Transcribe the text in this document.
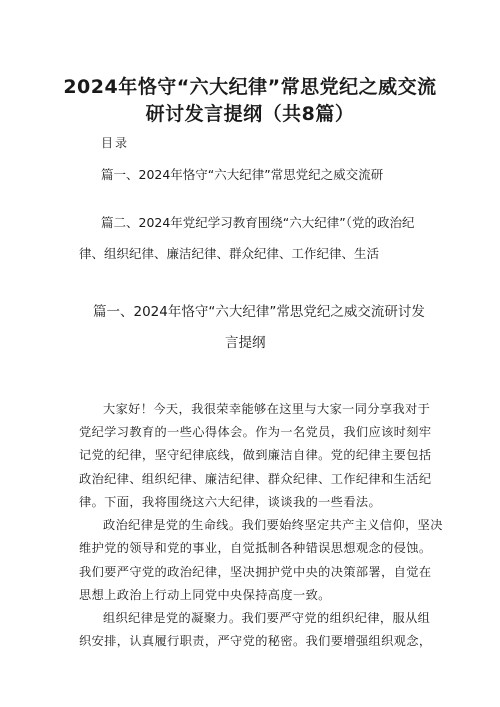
2024年恪守“六大纪律”常思党纪之威交流
研讨发言提纲（共8篇）
目录
篇一、2024年恪守“六大纪律”常思党纪之威交流研
篇二、2024年党纪学习教育围绕“六大纪律”（党的政治纪
律、组织纪律、廉洁纪律、群众纪律、工作纪律、生活
篇一、2024年恪守“六大纪律”常思党纪之威交流研讨发
言提纲
大家好！今天，我很荣幸能够在这里与大家一同分享我对于
党纪学习教育的一些心得体会。作为一名党员，我们应该时刻牢
记党的纪律，坚守纪律底线，做到廉洁自律。党的纪律主要包括
政治纪律、组织纪律、廉洁纪律、群众纪律、工作纪律和生活纪
律。下面，我将围绕这六大纪律，谈谈我的一些看法。
政治纪律是党的生命线。我们要始终坚定共产主义信仰，坚决
维护党的领导和党的事业，自觉抵制各种错误思想观念的侵蚀。
我们要严守党的政治纪律，坚决拥护党中央的决策部署，自觉在
思想上政治上行动上同党中央保持高度一致。
组织纪律是党的凝聚力。我们要严守党的组织纪律，服从组
织安排，认真履行职责，严守党的秘密。我们要增强组织观念，
